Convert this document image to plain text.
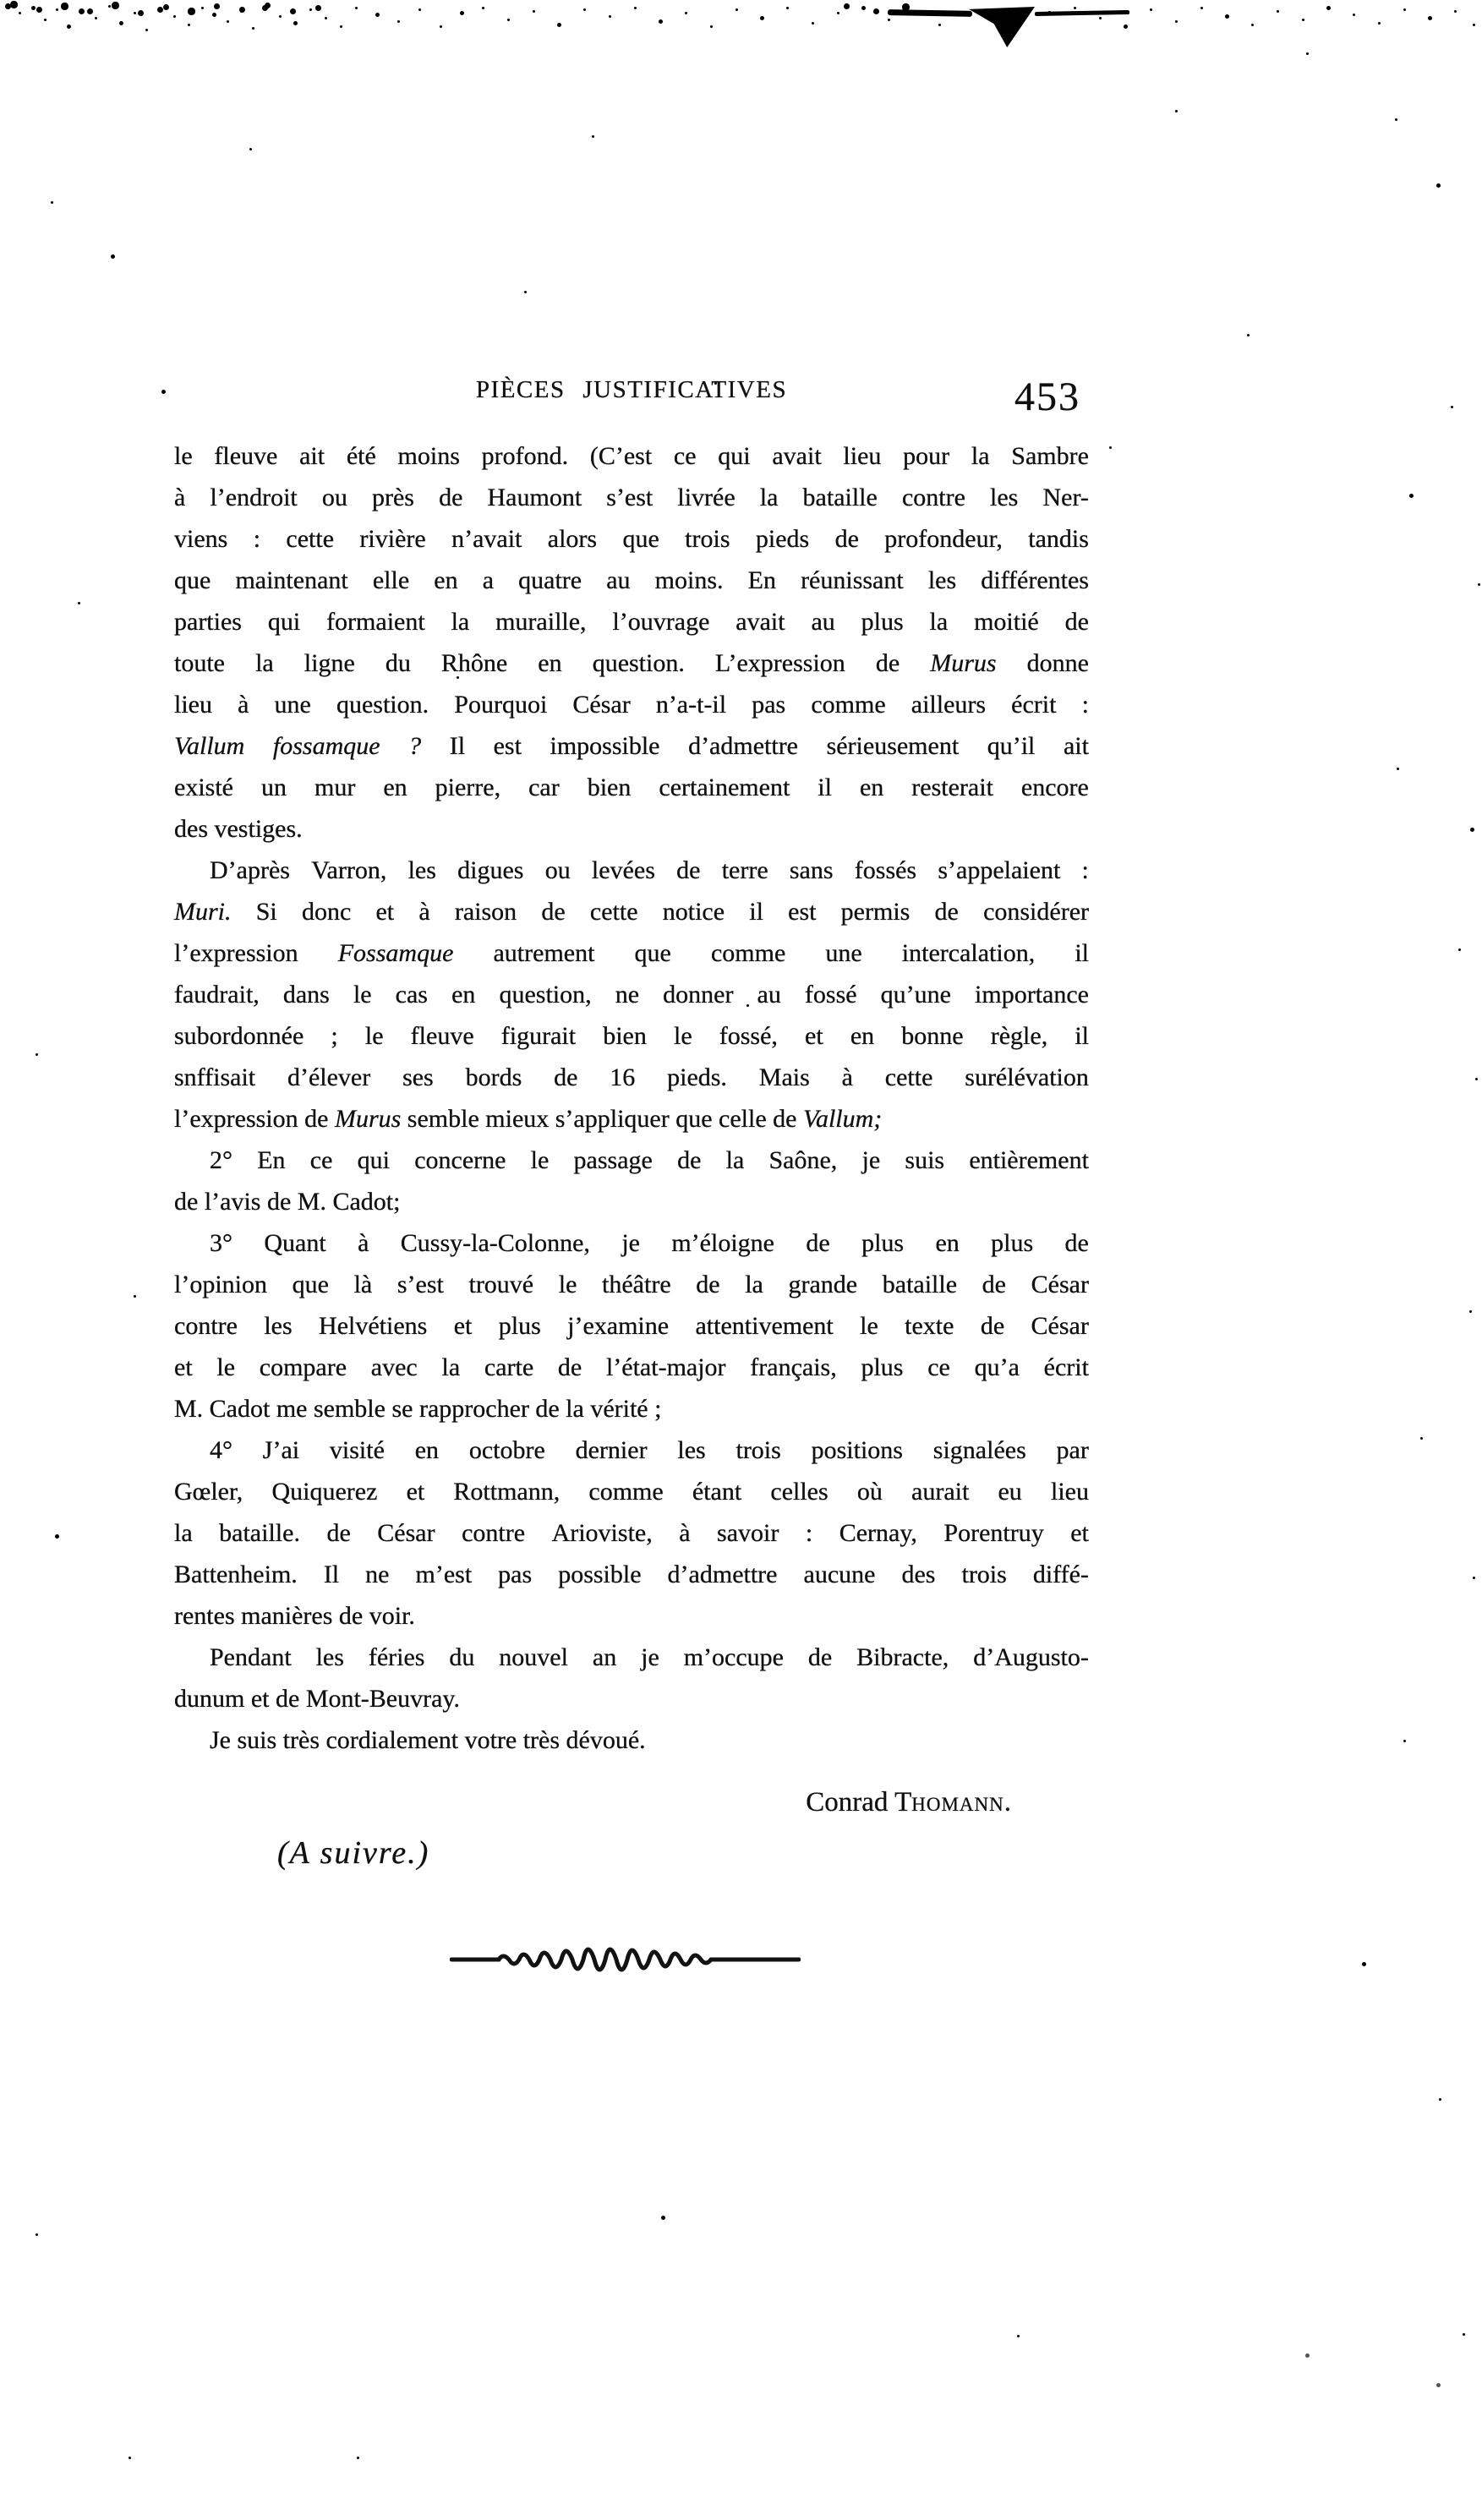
PIÈCES JUSTIFICATIVES	453
le fleuve ait été moins profond. (C’est ce qui avait lieu pour la Sambre
à l’endroit ou près de Haumont s’est livrée la bataille contre les Ner-
viens : cette rivière n’avait alors que trois pieds de profondeur, tandis
que maintenant elle en a quatre au moins. En réunissant les différentes
parties qui formaient la muraille, l’ouvrage avait au plus la moitié de
toute la ligne du Rhône en question. L’expression de Murus donne
lieu à une question. Pourquoi César n’a-t-il pas comme ailleurs écrit :
Vallum fossamque ? Il est impossible d’admettre sérieusement qu’il ait
existé un mur en pierre, car bien certainement il en resterait encore
des vestiges.
D’après Varron, les digues ou levées de terre sans fossés s’appelaient :
Muri. Si donc et à raison de cette notice il est permis de considérer
l’expression Fossamque autrement que comme une intercalation, il
faudrait, dans le cas en question, ne donner au fossé qu’une importance
subordonnée ; le fleuve figurait bien le fossé, et en bonne règle, il
snffisait d’élever ses bords de 16 pieds. Mais à cette surélévation
l’expression de Murus semble mieux s’appliquer que celle de Vallum;
2° En ce qui concerne le passage de la Saône, je suis entièrement
de l’avis de M. Cadot;
3° Quant à Cussy-la-Colonne, je m’éloigne de plus en plus de
l’opinion que là s’est trouvé le théâtre de la grande bataille de César
contre les Helvétiens et plus j’examine attentivement le texte de César
et le compare avec la carte de l’état-major français, plus ce qu’a écrit
M. Cadot me semble se rapprocher de la vérité ;
4° J’ai visité en octobre dernier les trois positions signalées par
Gœler, Quiquerez et Rottmann, comme étant celles où aurait eu lieu
la bataille. de César contre Arioviste, à savoir : Cernay, Porentruy et
Battenheim. Il ne m’est pas possible d’admettre aucune des trois diffé-
rentes manières de voir.
Pendant les féries du nouvel an je m’occupe de Bibracte, d’Augusto-
dunum et de Mont-Beuvray.
Je suis très cordialement votre très dévoué.
Conrad Thomann.
(A suivre.)
